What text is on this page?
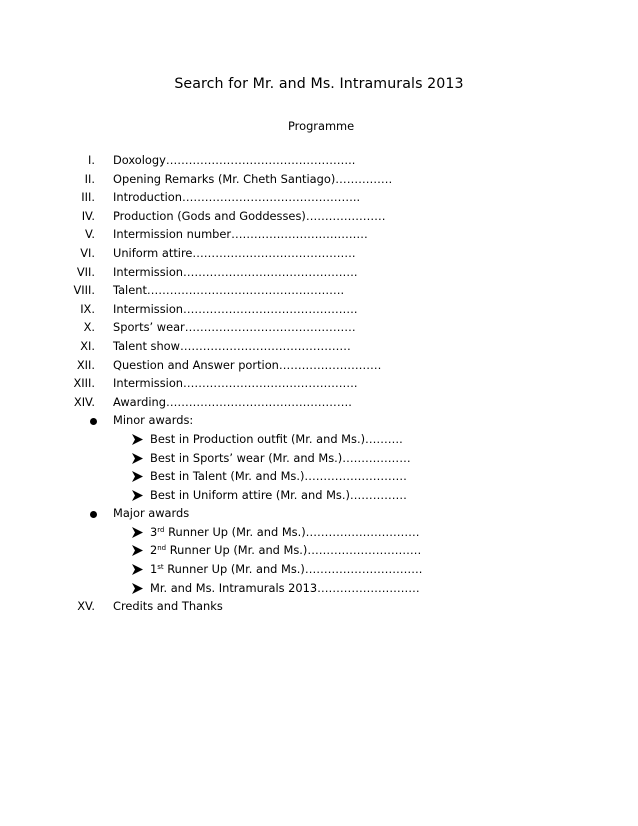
Search for Mr. and Ms. Intramurals 2013
Programme
I. Doxology…………………………………………..
II. Opening Remarks (Mr. Cheth Santiago)……………
III. Introduction………………………………………..
IV. Production (Gods and Goddesses)…………………
V. Intermission number………………………………
VI. Uniform attire…………………………………….
VII. Intermission……………………………………….
VIII. Talent…………………………………………….
IX. Intermission……………………………………….
X. Sports’ wear………………………………………
XI. Talent show………………………………………
XII. Question and Answer portion………………………
XIII. Intermission……………………………………….
XIV. Awarding………………………………………….
Minor awards:
Best in Production outfit (Mr. and Ms.)……….
Best in Sports’ wear (Mr. and Ms.)………………
Best in Talent (Mr. and Ms.)………………………
Best in Uniform attire (Mr. and Ms.)……………
Major awards
3rd Runner Up (Mr. and Ms.)…………………………
2nd Runner Up (Mr. and Ms.)…………………………
1st Runner Up (Mr. and Ms.)………………………….
Mr. and Ms. Intramurals 2013………………………
XV. Credits and Thanks
